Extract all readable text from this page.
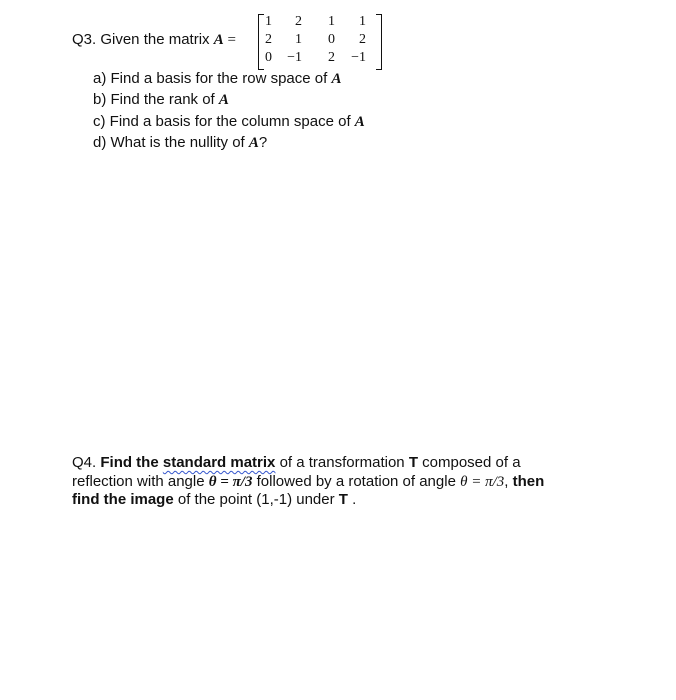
Q3. Given the matrix A =
1	2	1	1
2	1	0	2
0	−1	2	−1
a) Find a basis for the row space of A
b) Find the rank of A
c) Find a basis for the column space of A
d) What is the nullity of A?
Q4. Find the standard matrix of a transformation T composed of a
reflection with angle θ = π/3 followed by a rotation of angle θ = π/3, then
find the image of the point (1,-1) under T .
